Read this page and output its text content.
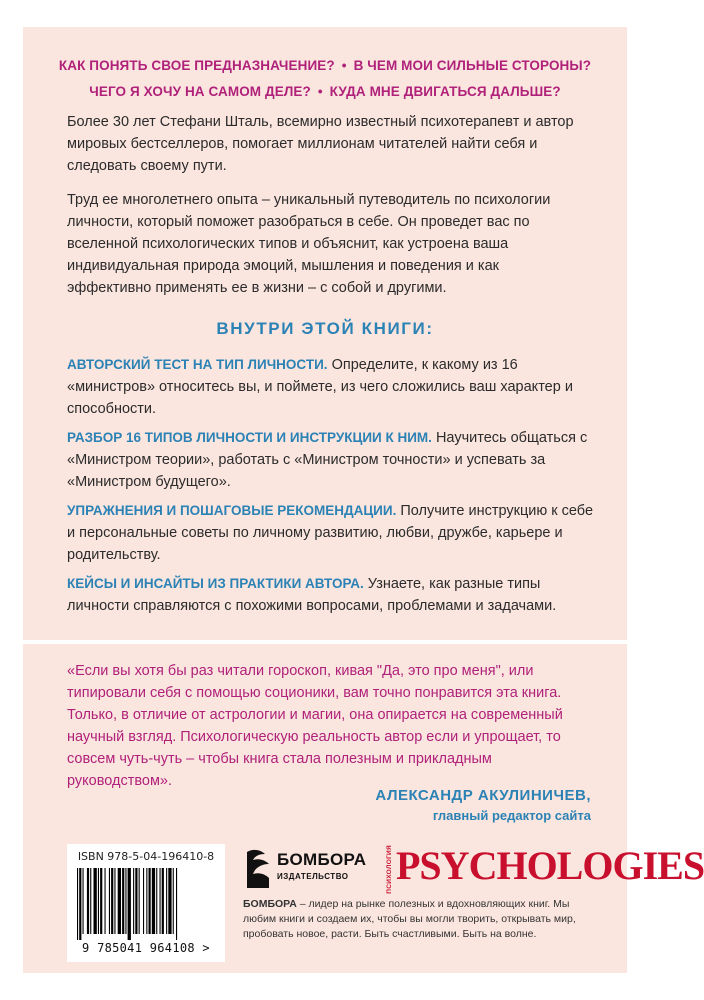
КАК ПОНЯТЬ СВОЕ ПРЕДНАЗНАЧЕНИЕ? • В ЧЕМ МОИ СИЛЬНЫЕ СТОРОНЫ?
ЧЕГО Я ХОЧУ НА САМОМ ДЕЛЕ? • КУДА МНЕ ДВИГАТЬСЯ ДАЛЬШЕ?
Более 30 лет Стефани Шталь, всемирно известный психотерапевт и автор мировых бестселлеров, помогает миллионам читателей найти себя и следовать своему пути.
Труд ее многолетнего опыта – уникальный путеводитель по психологии личности, который поможет разобраться в себе. Он проведет вас по вселенной психологических типов и объяснит, как устроена ваша индивидуальная природа эмоций, мышления и поведения и как эффективно применять ее в жизни – с собой и другими.
ВНУТРИ ЭТОЙ КНИГИ:
АВТОРСКИЙ ТЕСТ НА ТИП ЛИЧНОСТИ. Определите, к какому из 16 «министров» относитесь вы, и поймете, из чего сложились ваш характер и способности.
РАЗБОР 16 ТИПОВ ЛИЧНОСТИ И ИНСТРУКЦИИ К НИМ. Научитесь общаться с «Министром теории», работать с «Министром точности» и успевать за «Министром будущего».
УПРАЖНЕНИЯ И ПОШАГОВЫЕ РЕКОМЕНДАЦИИ. Получите инструкцию к себе и персональные советы по личному развитию, любви, дружбе, карьере и родительству.
КЕЙСЫ И ИНСАЙТЫ ИЗ ПРАКТИКИ АВТОРА. Узнаете, как разные типы личности справляются с похожими вопросами, проблемами и задачами.
«Если вы хотя бы раз читали гороскоп, кивая "Да, это про меня", или типировали себя с помощью соционики, вам точно понравится эта книга. Только, в отличие от астрологии и магии, она опирается на современный научный взгляд. Психологическую реальность автор если и упрощает, то совсем чуть-чуть – чтобы книга стала полезным и прикладным руководством».
АЛЕКСАНДР АКУЛИНИЧЕВ,
главный редактор сайта
ISBN 978-5-04-196410-8
9 785041 964108 >
БОМБОРА
ИЗДАТЕЛЬСТВО	ПСИХОЛОГИЯ PSYCHOLOGIES
БОМБОРА – лидер на рынке полезных и вдохновляющих книг. Мы любим книги и создаем их, чтобы вы могли творить, открывать мир, пробовать новое, расти. Быть счастливыми. Быть на волне.
